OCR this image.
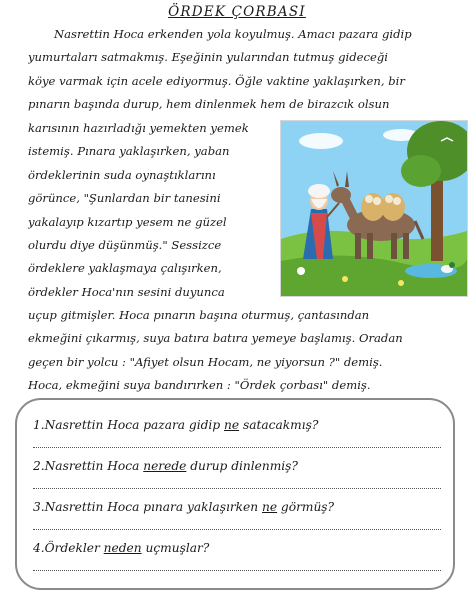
ÖRDEK ÇORBASI
Nasrettin Hoca erkenden yola koyulmuş. Amacı pazara gidip
yumurtaları satmakmış. Eşeğinin yularından tutmuş gideceği
köye varmak için acele ediyormuş. Öğle vaktine yaklaşırken, bir
pınarın başında durup, hem dinlenmek hem de birazcık olsun
karısının hazırladığı yemekten yemek
istemiş. Pınara yaklaşırken, yaban
ördeklerinin suda oynaştıklarını
görünce, "Şunlardan bir tanesini
yakalayıp kızartıp yesem ne güzel
olurdu diye düşünmüş." Sessizce
ördeklere yaklaşmaya çalışırken,
ördekler Hoca'nın sesini duyunca
uçup gitmişler. Hoca pınarın başına oturmuş, çantasından
ekmeğini çıkarmış, suya batıra batıra yemeye başlamış. Oradan
geçen bir yolcu : "Afiyet olsun Hocam, ne yiyorsun ?" demiş.
Hoca, ekmeğini suya bandırırken : "Ördek çorbası" demiş.
1.Nasrettin Hoca pazara gidip ne satacakmış?
2.Nasrettin Hoca nerede durup dinlenmiş?
3.Nasrettin Hoca pınara yaklaşırken ne görmüş?
4.Ördekler neden uçmuşlar?
